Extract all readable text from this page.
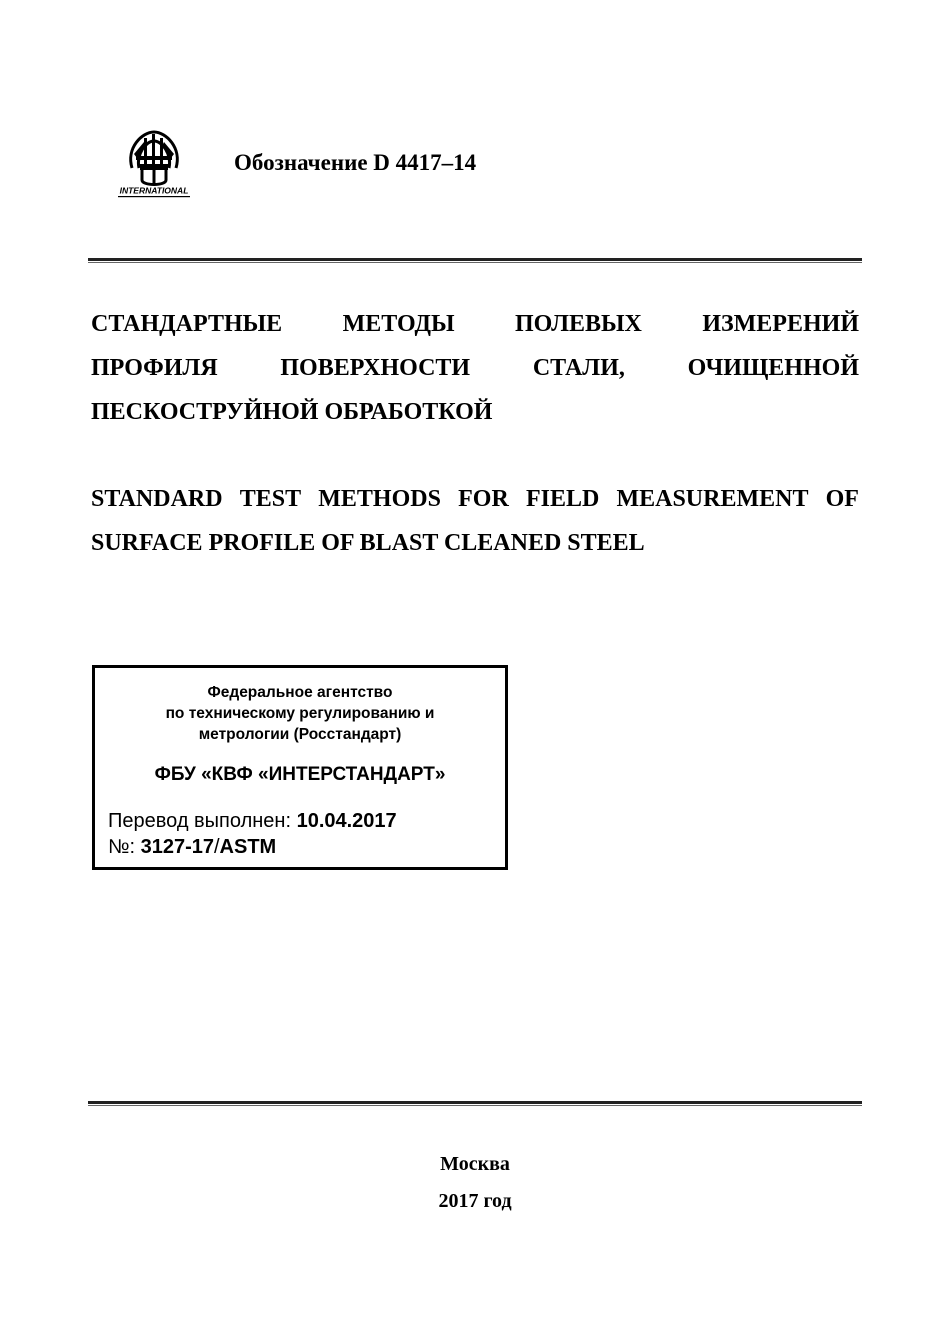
INTERNATIONAL
Обозначение D 4417–14
СТАНДАРТНЫЕ	МЕТОДЫ	ПОЛЕВЫХ	ИЗМЕРЕНИЙ
ПРОФИЛЯ	ПОВЕРХНОСТИ	СТАЛИ,	ОЧИЩЕННОЙ
ПЕСКОСТРУЙНОЙ ОБРАБОТКОЙ
STANDARD TEST METHODS FOR FIELD MEASUREMENT OF
SURFACE PROFILE OF BLAST CLEANED STEEL
Федеральное агентство
по техническому регулированию и
метрологии (Росстандарт)
ФБУ «КВФ «ИНТЕРСТАНДАРТ»
Перевод выполнен: 10.04.2017
№: 3127-17/ASTM
Москва
2017 год
